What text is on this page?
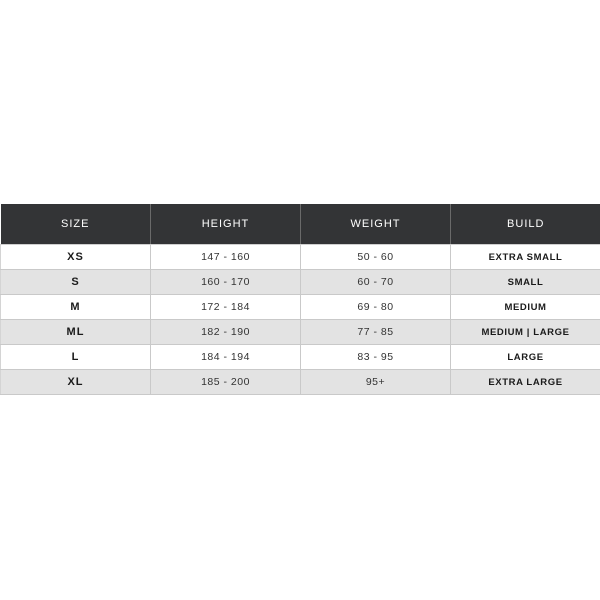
SIZE	HEIGHT	WEIGHT	BUILD
XS	147 - 160	50 - 60	EXTRA SMALL
S	160 - 170	60 - 70	SMALL
M	172 - 184	69 - 80	MEDIUM
ML	182 - 190	77 - 85	MEDIUM | LARGE
L	184 - 194	83 - 95	LARGE
XL	185 - 200	95+	EXTRA LARGE
